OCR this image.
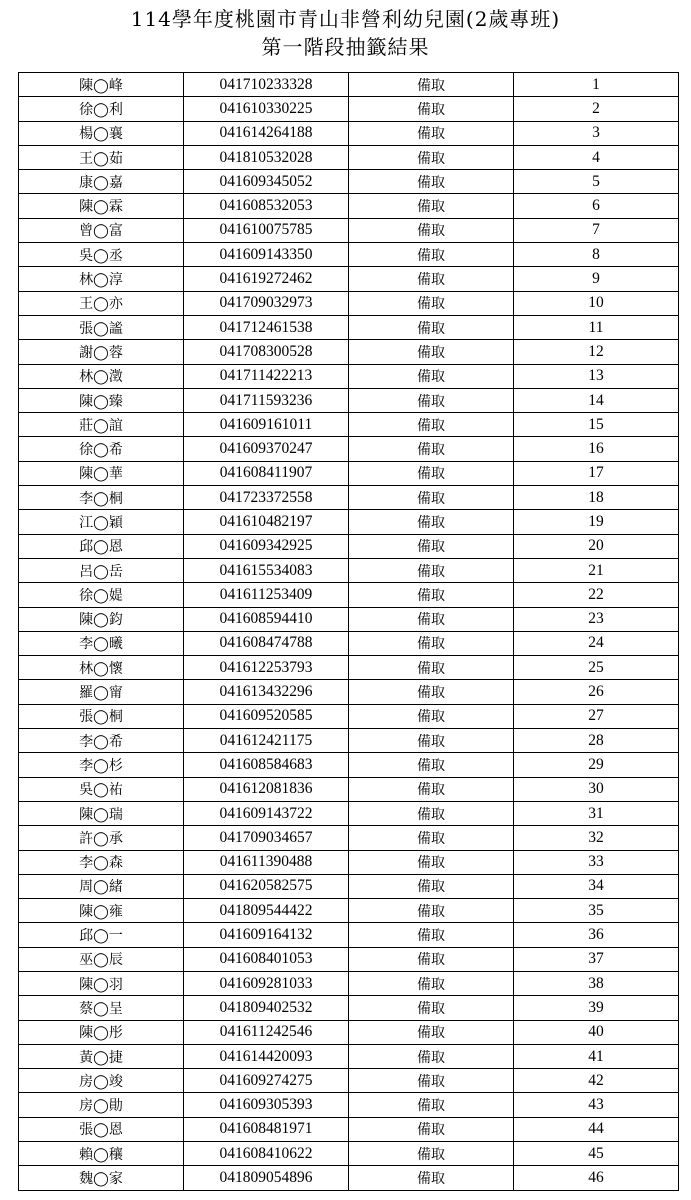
114學年度桃園市青山非營利幼兒園(2歲專班)
第一階段抽籤結果
陳◯峰	041710233328	備取	1
徐◯利	041610330225	備取	2
楊◯襄	041614264188	備取	3
王◯茹	041810532028	備取	4
康◯嘉	041609345052	備取	5
陳◯霖	041608532053	備取	6
曾◯富	041610075785	備取	7
吳◯丞	041609143350	備取	8
林◯淳	041619272462	備取	9
王◯亦	041709032973	備取	10
張◯謐	041712461538	備取	11
謝◯蓉	041708300528	備取	12
林◯澂	041711422213	備取	13
陳◯臻	041711593236	備取	14
莊◯誼	041609161011	備取	15
徐◯希	041609370247	備取	16
陳◯華	041608411907	備取	17
李◯桐	041723372558	備取	18
江◯穎	041610482197	備取	19
邱◯恩	041609342925	備取	20
呂◯岳	041615534083	備取	21
徐◯媞	041611253409	備取	22
陳◯鈞	041608594410	備取	23
李◯曦	041608474788	備取	24
林◯懷	041612253793	備取	25
羅◯甯	041613432296	備取	26
張◯桐	041609520585	備取	27
李◯希	041612421175	備取	28
李◯杉	041608584683	備取	29
吳◯祐	041612081836	備取	30
陳◯瑞	041609143722	備取	31
許◯承	041709034657	備取	32
李◯森	041611390488	備取	33
周◯緒	041620582575	備取	34
陳◯雍	041809544422	備取	35
邱◯一	041609164132	備取	36
巫◯辰	041608401053	備取	37
陳◯羽	041609281033	備取	38
蔡◯呈	041809402532	備取	39
陳◯彤	041611242546	備取	40
黃◯捷	041614420093	備取	41
房◯竣	041609274275	備取	42
房◯勛	041609305393	備取	43
張◯恩	041608481971	備取	44
賴◯穰	041608410622	備取	45
魏◯家	041809054896	備取	46
